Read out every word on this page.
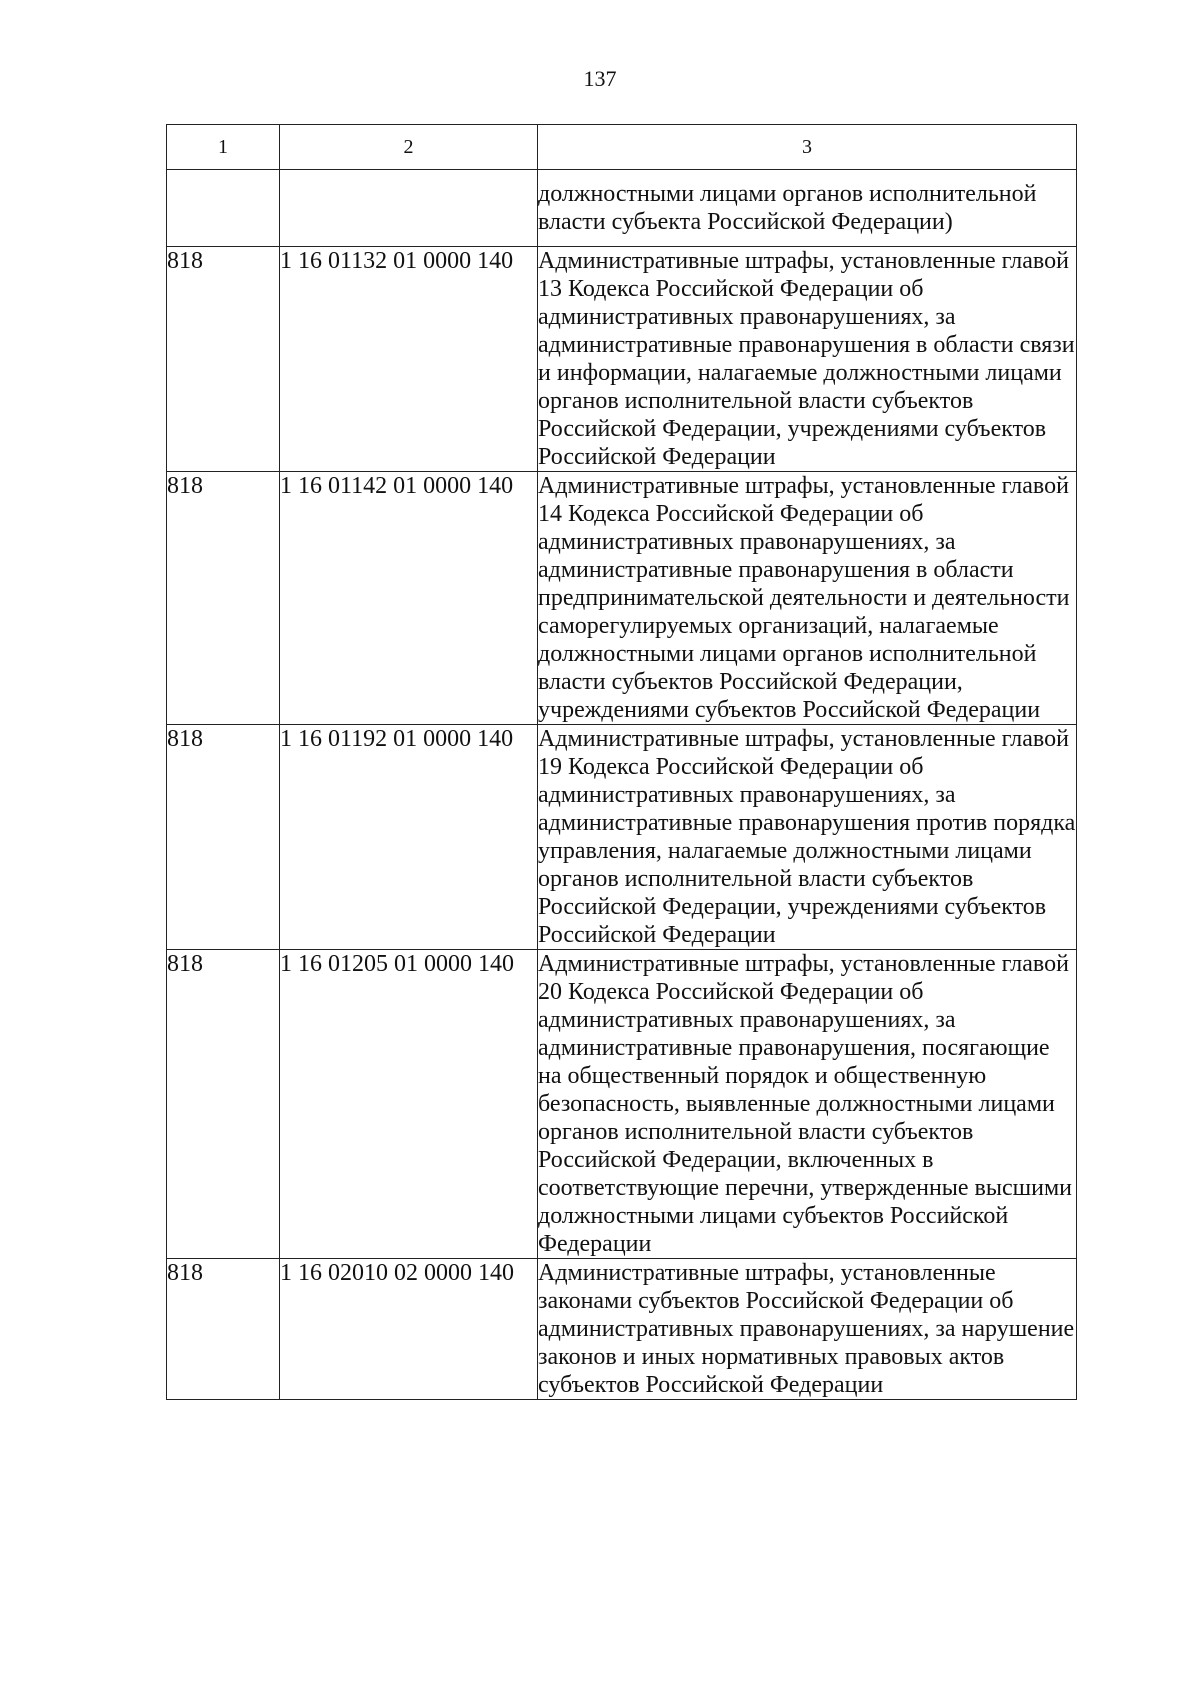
137
1	2	3
		должностными лицами органов исполнительной власти субъекта Российской Федерации)
818	1 16 01132 01 0000 140	Административные штрафы, установленные главой 13 Кодекса Российской Федерации об административных правонарушениях, за административные правонарушения в области связи и информации, налагаемые должностными лицами органов исполнительной власти субъектов Российской Федерации, учреждениями субъектов Российской Федерации
818	1 16 01142 01 0000 140	Административные штрафы, установленные главой 14 Кодекса Российской Федерации об административных правонарушениях, за административные правонарушения в области предпринимательской деятельности и деятельности саморегулируемых организаций, налагаемые должностными лицами органов исполнительной власти субъектов Российской Федерации, учреждениями субъектов Российской Федерации
818	1 16 01192 01 0000 140	Административные штрафы, установленные главой 19 Кодекса Российской Федерации об административных правонарушениях, за административные правонарушения против порядка управления, налагаемые должностными лицами органов исполнительной власти субъектов Российской Федерации, учреждениями субъектов Российской Федерации
818	1 16 01205 01 0000 140	Административные штрафы, установленные главой 20 Кодекса Российской Федерации об административных правонарушениях, за административные правонарушения, посягающие на общественный порядок и общественную безопасность, выявленные должностными лицами органов исполнительной власти субъектов Российской Федерации, включенных в соответствующие перечни, утвержденные высшими должностными лицами субъектов Российской Федерации
818	1 16 02010 02 0000 140	Административные штрафы, установленные законами субъектов Российской Федерации об административных правонарушениях, за нарушение законов и иных нормативных правовых актов субъектов Российской Федерации
